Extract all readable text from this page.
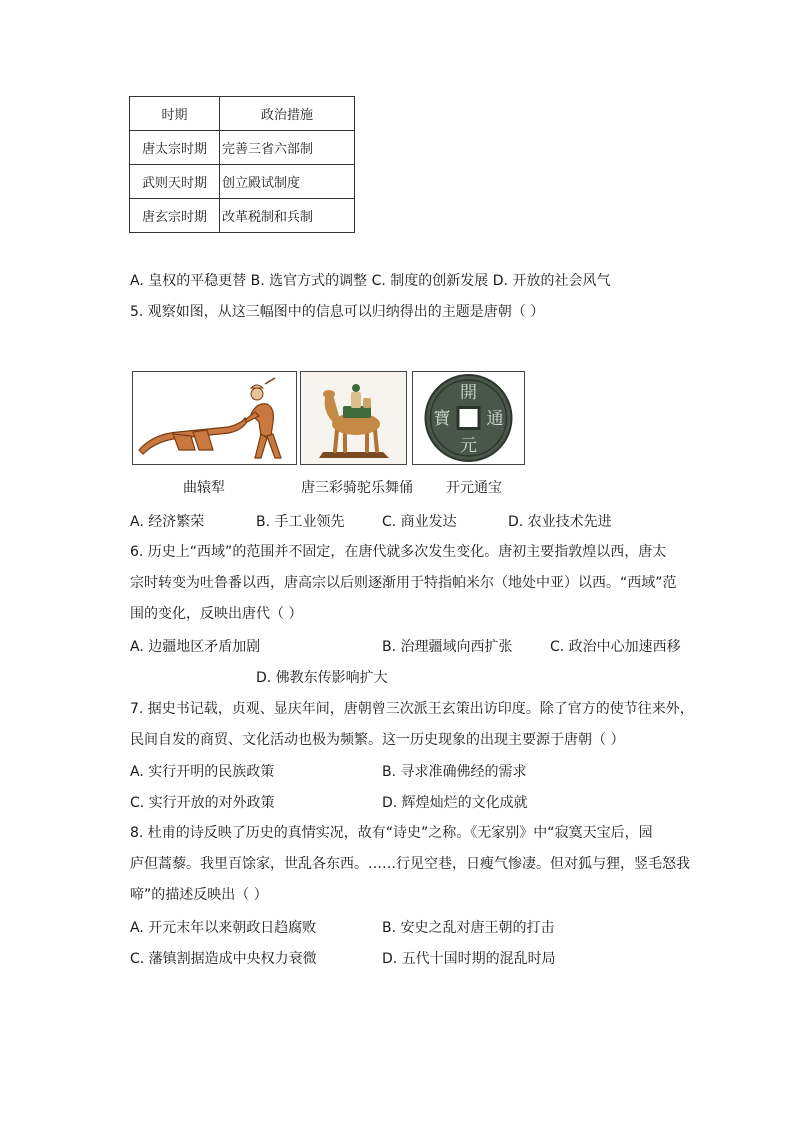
时期	政治措施
唐太宗时期	完善三省六部制
武则天时期	创立殿试制度
唐玄宗时期	改革税制和兵制
A. 皇权的平稳更替 B. 选官方式的调整 C. 制度的创新发展 D. 开放的社会风气
5. 观察如图，从这三幅图中的信息可以归纳得出的主题是唐朝（ ）
開
元
通
寶
曲辕犁	唐三彩骑驼乐舞俑 开元通宝
A. 经济繁荣	B. 手工业领先	C. 商业发达	D. 农业技术先进
6. 历史上“西域”的范围并不固定，在唐代就多次发生变化。唐初主要指敦煌以西，唐太
宗时转变为吐鲁番以西，唐高宗以后则逐渐用于特指帕米尔（地处中亚）以西。“西域”范
围的变化，反映出唐代（ ）
A. 边疆地区矛盾加剧	B. 治理疆域向西扩张	C. 政治中心加速西移
D. 佛教东传影响扩大
7. 据史书记载，贞观、显庆年间，唐朝曾三次派王玄策出访印度。除了官方的使节往来外，
民间自发的商贸、文化活动也极为频繁。这一历史现象的出现主要源于唐朝（ ）
A. 实行开明的民族政策	B. 寻求准确佛经的需求
C. 实行开放的对外政策	D. 辉煌灿烂的文化成就
8. 杜甫的诗反映了历史的真情实况，故有“诗史”之称。《无家别》中“寂寞天宝后，园
庐但蒿藜。我里百馀家，世乱各东西。……行见空巷，日瘦气惨凄。但对狐与狸，竖毛怒我
啼”的描述反映出（ ）
A. 开元末年以来朝政日趋腐败	B. 安史之乱对唐王朝的打击
C. 藩镇割据造成中央权力衰微	D. 五代十国时期的混乱时局
